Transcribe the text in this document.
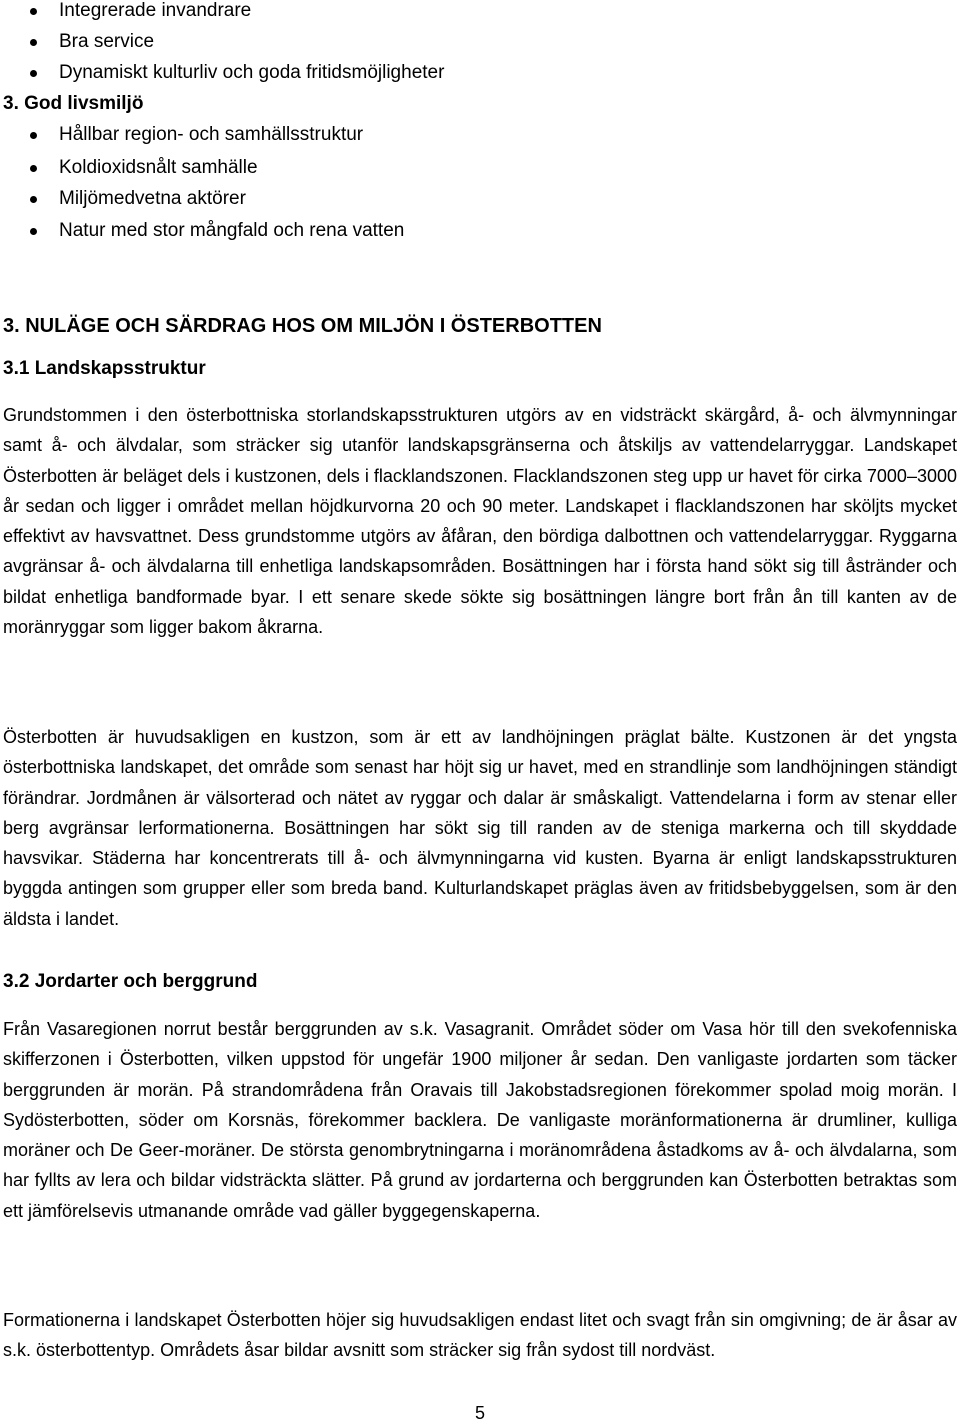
Integrerade invandrare
Bra service
Dynamiskt kulturliv och goda fritidsmöjligheter
3. God livsmiljö
Hållbar region- och samhällsstruktur
Koldioxidsnålt samhälle
Miljömedvetna aktörer
Natur med stor mångfald och rena vatten
3. NULÄGE OCH SÄRDRAG HOS OM MILJÖN I ÖSTERBOTTEN
3.1 Landskapsstruktur

Grundstommen i den österbottniska storlandskapsstrukturen utgörs av en vidsträckt skärgård, å- och älvmynningar samt å- och älvdalar, som sträcker sig utanför landskapsgränserna och åtskiljs av vattendelarryggar. Landskapet Österbotten är beläget dels i kustzonen, dels i flacklandszonen. Flacklandszonen steg upp ur havet för cirka 7000–3000 år sedan och ligger i området mellan höjdkurvorna 20 och 90 meter. Landskapet i flacklandszonen har sköljts mycket effektivt av havsvattnet. Dess grundstomme utgörs av åfåran, den bördiga dalbottnen och vattendelarryggar. Ryggarna avgränsar å- och älvdalarna till enhetliga landskapsområden. Bosättningen har i första hand sökt sig till åstränder och bildat enhetliga bandformade byar. I ett senare skede sökte sig bosättningen längre bort från ån till kanten av de moränryggar som ligger bakom åkrarna.

Österbotten är huvudsakligen en kustzon, som är ett av landhöjningen präglat bälte. Kustzonen är det yngsta österbottniska landskapet, det område som senast har höjt sig ur havet, med en strandlinje som landhöjningen ständigt förändrar. Jordmånen är välsorterad och nätet av ryggar och dalar är småskaligt. Vattendelarna i form av stenar eller berg avgränsar lerformationerna. Bosättningen har sökt sig till randen av de steniga markerna och till skyddade havsvikar. Städerna har koncentrerats till å- och älvmynningarna vid kusten. Byarna är enligt landskapsstrukturen byggda antingen som grupper eller som breda band. Kulturlandskapet präglas även av fritidsbebyggelsen, som är den äldsta i landet.

3.2 Jordarter och berggrund

Från Vasaregionen norrut består berggrunden av s.k. Vasagranit. Området söder om Vasa hör till den svekofenniska skifferzonen i Österbotten, vilken uppstod för ungefär 1900 miljoner år sedan. Den vanligaste jordarten som täcker berggrunden är morän. På strandområdena från Oravais till Jakobstadsregionen förekommer spolad moig morän. I Sydösterbotten, söder om Korsnäs, förekommer backlera. De vanligaste moränformationerna är drumliner, kulliga moräner och De Geer-moräner. De största genombrytningarna i moränområdena åstadkoms av å- och älvdalarna, som har fyllts av lera och bildar vidsträckta slätter. På grund av jordarterna och berggrunden kan Österbotten betraktas som ett jämförelsevis utmanande område vad gäller byggegenskaperna.

Formationerna i landskapet Österbotten höjer sig huvudsakligen endast litet och svagt från sin omgivning; de är åsar av s.k. österbottentyp. Områdets åsar bildar avsnitt som sträcker sig från sydost till nordväst.

5
